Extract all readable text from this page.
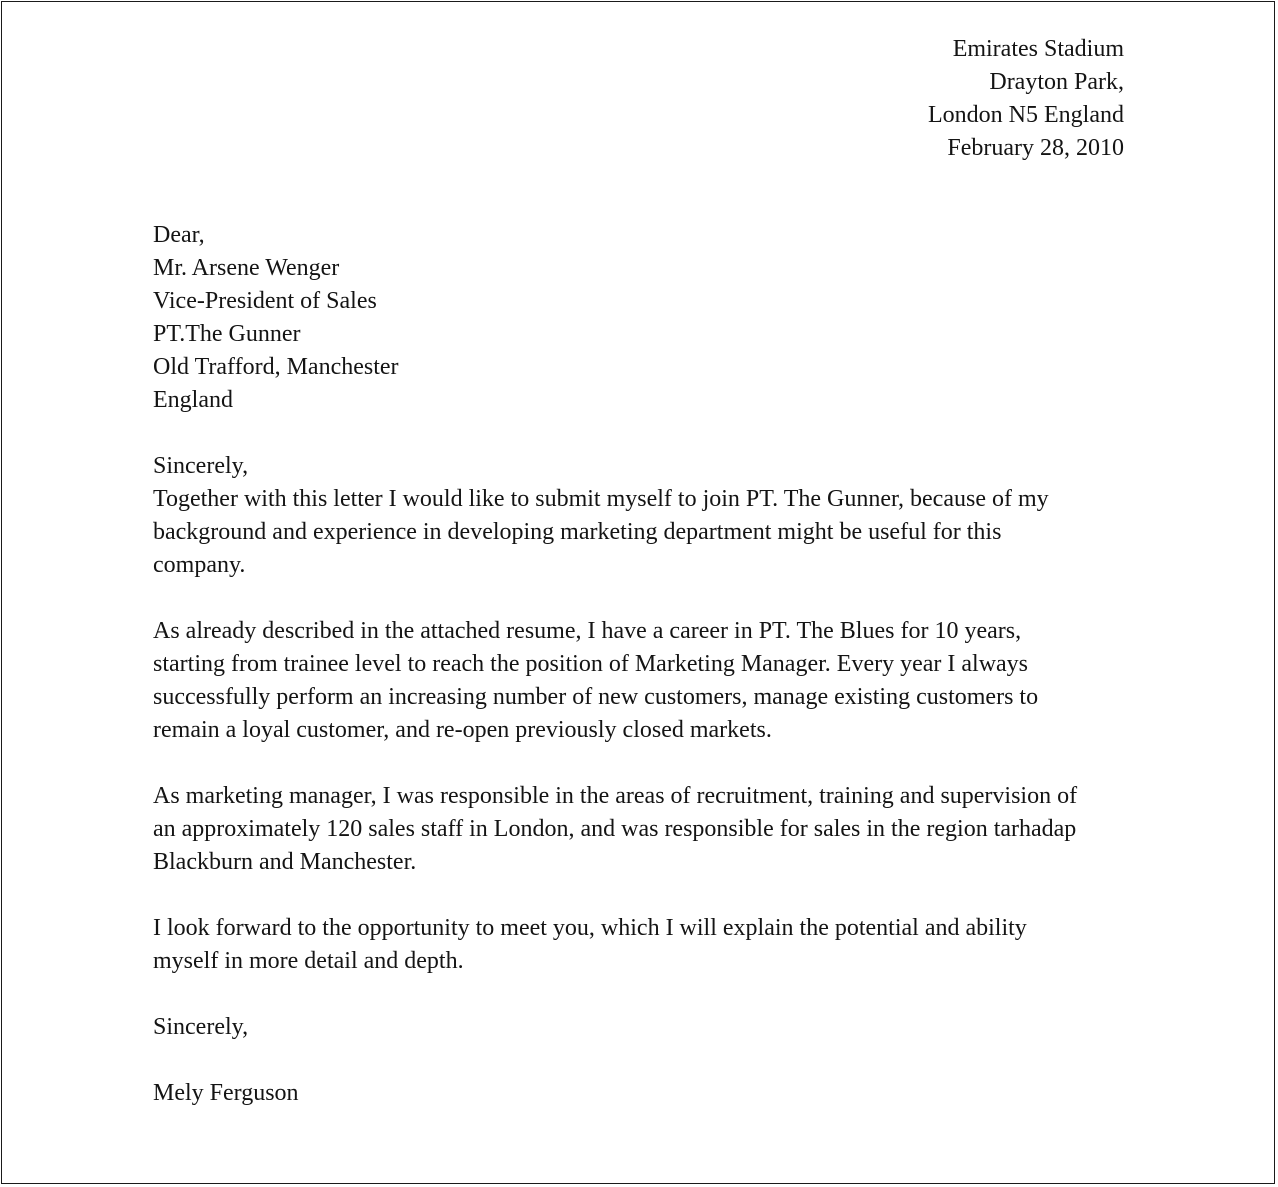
Emirates Stadium
Drayton Park,
London N5 England
February 28, 2010
Dear,
Mr. Arsene Wenger
Vice-President of Sales
PT.The Gunner
Old Trafford, Manchester
England
Sincerely,
Together with this letter I would like to submit myself to join PT. The Gunner, because of my
background and experience in developing marketing department might be useful for this
company.
As already described in the attached resume, I have a career in PT. The Blues for 10 years,
starting from trainee level to reach the position of Marketing Manager. Every year I always
successfully perform an increasing number of new customers, manage existing customers to
remain a loyal customer, and re-open previously closed markets.
As marketing manager, I was responsible in the areas of recruitment, training and supervision of
an approximately 120 sales staff in London, and was responsible for sales in the region tarhadap
Blackburn and Manchester.
I look forward to the opportunity to meet you, which I will explain the potential and ability
myself in more detail and depth.
Sincerely,
Mely Ferguson
